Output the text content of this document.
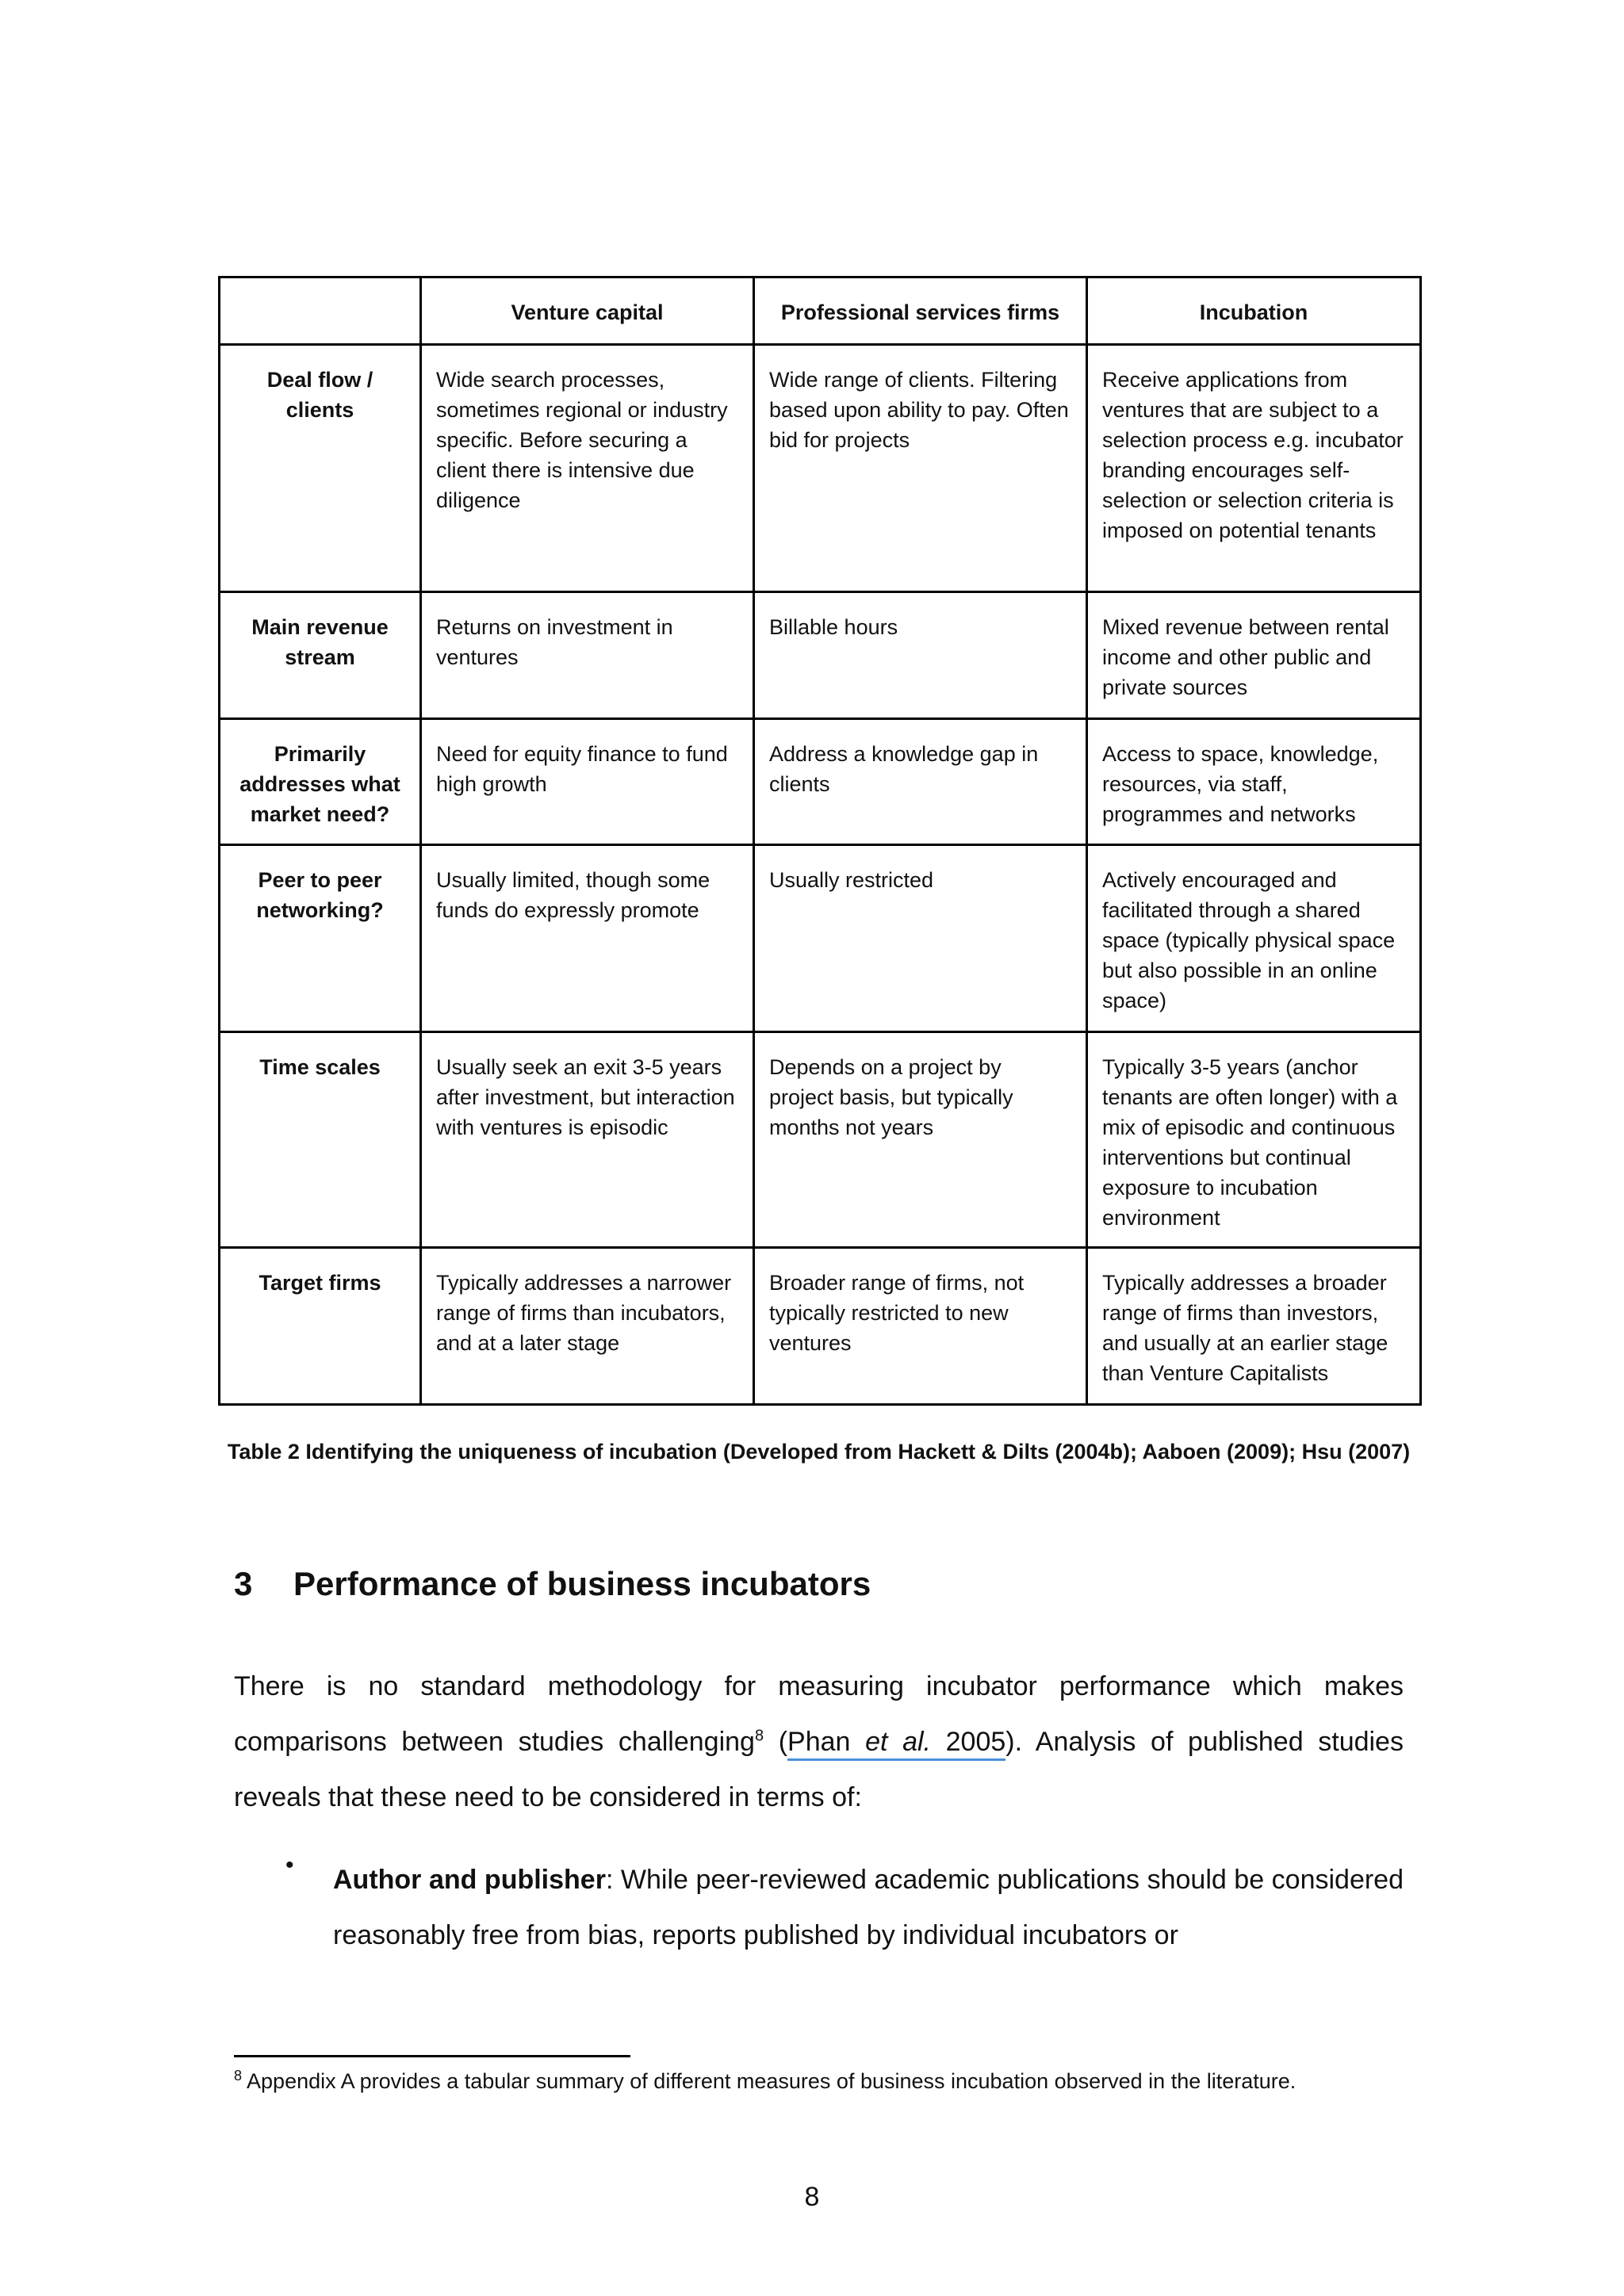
	Venture capital	Professional services firms	Incubation
Deal flow / clients	Wide search processes, sometimes regional or industry specific. Before securing a client there is intensive due diligence	Wide range of clients. Filtering based upon ability to pay. Often bid for projects	Receive applications from ventures that are subject to a selection process e.g. incubator branding encourages self-selection or selection criteria is imposed on potential tenants
Main revenue stream	Returns on investment in ventures	Billable hours	Mixed revenue between rental income and other public and private sources
Primarily addresses what market need?	Need for equity finance to fund high growth	Address a knowledge gap in clients	Access to space, knowledge, resources, via staff, programmes and networks
Peer to peer networking?	Usually limited, though some funds do expressly promote	Usually restricted	Actively encouraged and facilitated through a shared space (typically physical space but also possible in an online space)
Time scales	Usually seek an exit 3-5 years after investment, but interaction with ventures is episodic	Depends on a project by project basis, but typically months not years	Typically 3-5 years (anchor tenants are often longer) with a mix of episodic and continuous interventions but continual exposure to incubation environment
Target firms	Typically addresses a narrower range of firms than incubators, and at a later stage	Broader range of firms, not typically restricted to new ventures	Typically addresses a broader range of firms than investors, and usually at an earlier stage than Venture Capitalists
Table 2 Identifying the uniqueness of incubation (Developed from Hackett & Dilts (2004b); Aaboen (2009); Hsu (2007)
3 Performance of business incubators
There is no standard methodology for measuring incubator performance which makes comparisons between studies challenging$^8$ (Phan et al. 2005). Analysis of published studies reveals that these need to be considered in terms of:
• Author and publisher: While peer-reviewed academic publications should be considered reasonably free from bias, reports published by individual incubators or
$^8$ Appendix A provides a tabular summary of different measures of business incubation observed in the literature.
8
